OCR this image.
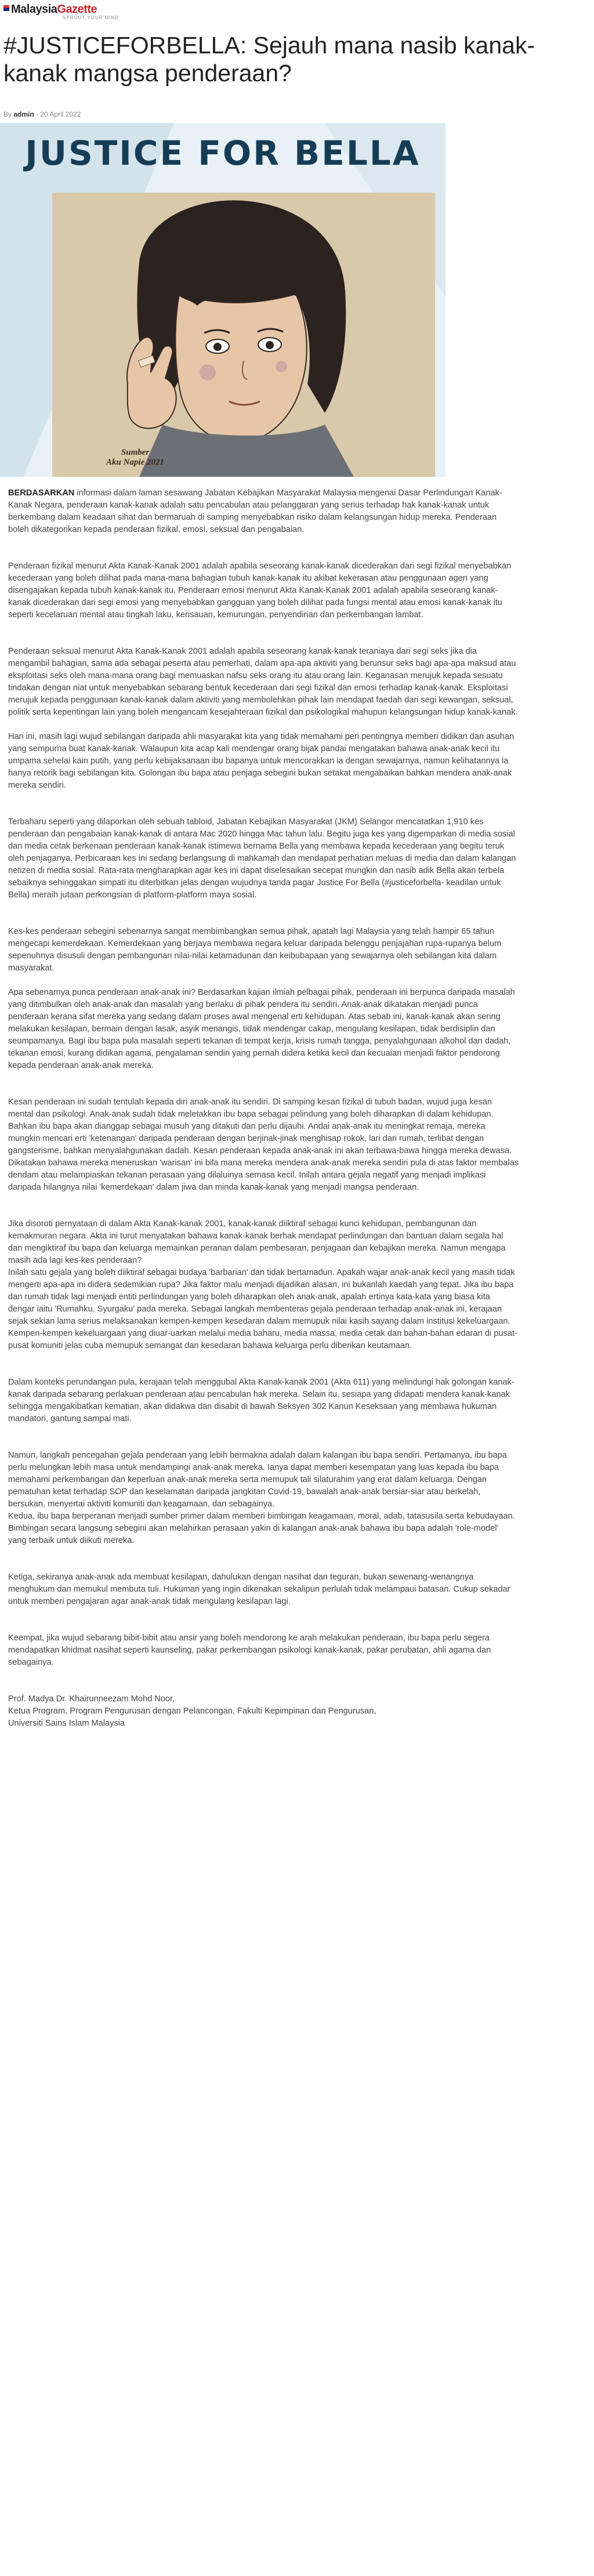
MalaysiaGazette
SPROUT YOUR MIND
#JUSTICEFORBELLA: Sejauh mana nasib kanak-kanak mangsa penderaan?
By admin - 20 April 2022
JUSTICE FOR BELLA
Sumber
Aku Napie 2021

BERDASARKAN informasi dalam laman sesawang Jabatan Kebajikan Masyarakat Malaysia mengenai Dasar Perlindungan Kanak-Kanak Negara, penderaan kanak-kanak adalah satu pencabulan atau pelanggaran yang serius terhadap hak kanak-kanak untuk berkembang dalam keadaan sihat dan bermaruah di samping menyebabkan risiko dalam kelangsungan hidup mereka. Penderaan boleh dikategorikan kepada penderaan fizikal, emosi, seksual dan pengabaian.

Penderaan fizikal menurut Akta Kanak-Kanak 2001 adalah apabila seseorang kanak-kanak dicederakan dari segi fizikal menyebabkan kecederaan yang boleh dilihat pada mana-mana bahagian tubuh kanak-kanak itu akibat kekerasan atau penggunaan agen yang disengajakan kepada tubuh kanak-kanak itu. Penderaan emosi menurut Akta Kanak-Kanak 2001 adalah apabila seseorang kanak-kanak dicederakan dari segi emosi yang menyebabkan gangguan yang boleh dilihat pada fungsi mental atau emosi kanak-kanak itu seperti kecelaruan mental atau tingkah laku, kerisauan, kemurungan, penyendirian dan perkembangan lambat.

Penderaan seksual menurut Akta Kanak-Kanak 2001 adalah apabila seseorang kanak-kanak teraniaya dari segi seks jika dia mengambil bahagian, sama ada sebagai peserta atau pemerhati, dalam apa-apa aktiviti yang berunsur seks bagi apa-apa maksud atau eksploitasi seks oleh mana-mana orang bagi memuaskan nafsu seks orang itu atau orang lain. Keganasan merujuk kepada sesuatu tindakan dengan niat untuk menyebabkan sebarang bentuk kecederaan dari segi fizikal dan emosi terhadap kanak-kanak. Eksploitasi merujuk kepada penggunaan kanak-kanak dalam aktiviti yang membolehkan pihak lain mendapat faedah dari segi kewangan, seksual, politik serta kepentingan lain yang boleh mengancam kesejahteraan fizikal dan psikologikal mahupun kelangsungan hidup kanak-kanak.

Hari ini, masih lagi wujud sebilangan daripada ahli masyarakat kita yang tidak memahami peri pentingnya memberi didikan dan asuhan yang sempurna buat kanak-kanak. Walaupun kita acap kali mendengar orang bijak pandai mengatakan bahawa anak-anak kecil itu umpama sehelai kain putih, yang perlu kebijaksanaan ibu bapanya untuk mencorakkan ia dengan sewajarnya, namun kelihatannya ia hanya retorik bagi sebilangan kita. Golongan ibu bapa atau penjaga sebegini bukan setakat mengabaikan bahkan mendera anak-anak mereka sendiri.

Terbaharu seperti yang dilaporkan oleh sebuah tabloid, Jabatan Kebajikan Masyarakat (JKM) Selangor mencatatkan 1,910 kes penderaan dan pengabaian kanak-kanak di antara Mac 2020 hingga Mac tahun lalu. Begitu juga kes yang digemparkan di media sosial dan media cetak berkenaan penderaan kanak-kanak istimewa bernama Bella yang membawa kepada kecederaan yang begitu teruk oleh penjaganya. Perbicaraan kes ini sedang berlangsung di mahkamah dan mendapat perhatian meluas di media dan dalam kalangan netizen di media sosial. Rata-rata mengharapkan agar kes ini dapat diselesaikan secepat mungkin dan nasib adik Bella akan terbela sebaiknya sehinggakan simpati itu diterbitkan jelas dengan wujudnya tanda pagar Justice For Bella (#justiceforbella- keadilan untuk Bella) meraih jutaan perkongsian di platform-platform maya sosial.

Kes-kes penderaan sebegini sebenarnya sangat membimbangkan semua pihak, apatah lagi Malaysia yang telah hampir 65 tahun mengecapi kemerdekaan. Kemerdekaan yang berjaya membawa negara keluar daripada belenggu penjajahan rupa-rupanya belum sepenuhnya disusuli dengan pembangunan nilai-nilai ketamadunan dan keibubapaan yang sewajarnya oleh sebilangan kita dalam masyarakat.

Apa sebenarnya punca penderaan anak-anak ini? Berdasarkan kajian ilmiah pelbagai pihak, penderaan ini berpunca daripada masalah yang ditimbulkan oleh anak-anak dan masalah yang berlaku di pihak pendera itu sendiri. Anak-anak dikatakan menjadi punca penderaan kerana sifat mereka yang sedang dalam proses awal mengenal erti kehidupan. Atas sebab ini, kanak-kanak akan sering melakukan kesilapan, bermain dengan lasak, asyik menangis, tidak mendengar cakap, mengulang kesilapan, tidak berdisiplin dan seumpamanya. Bagi ibu bapa pula masalah seperti tekanan di tempat kerja, krisis rumah tangga, penyalahgunaan alkohol dan dadah, tekanan emosi, kurang didikan agama, pengalaman sendiri yang pernah didera ketika kecil dan kecuaian menjadi faktor pendorong kepada penderaan anak-anak mereka.

Kesan penderaan ini sudah tentulah kepada diri anak-anak itu sendiri. Di samping kesan fizikal di tubuh badan, wujud juga kesan mental dan psikologi. Anak-anak sudah tidak meletakkan ibu bapa sebagai pelindung yang boleh diharapkan di dalam kehidupan. Bahkan ibu bapa akan dianggap sebagai musuh yang ditakuti dan perlu dijauhi. Andai anak-anak itu meningkat remaja, mereka mungkin mencari erti 'ketenangan' daripada penderaan dengan berjinak-jinak menghisap rokok, lari dari rumah, terlibat dengan gangsterisme, bahkan menyalahgunakan dadah. Kesan penderaan kepada anak-anak ini akan terbawa-bawa hingga mereka dewasa. Dikatakan bahawa mereka meneruskan 'warisan' ini bila mana mereka menderа anak-anak mereka sendiri pula di atas faktor membalas dendam atau melampiaskan tekanan perasaan yang dilaluinya semasa kecil. Inilah antara gejala negatif yang menjadi implikasi daripada hilangnya nilai 'kemerdekaan' dalam jiwa dan minda kanak-kanak yang menjadi mangsa penderaan.

Jika disoroti pernyataan di dalam Akta Kanak-kanak 2001, kanak-kanak diiktiraf sebagai kunci kehidupan, pembangunan dan kemakmuran negara. Akta ini turut menyatakan bahawa kanak-kanak berhak mendapat perlindungan dan bantuan dalam segala hal dan mengiktiraf ibu bapa dan keluarga memainkan peranan dalam pembesaran, penjagaan dan kebajikan mereka. Namun mengapa masih ada lagi kes-kes penderaan?

Inilah satu gejala yang boleh diiktiraf sebagai budaya 'barbarian' dan tidak bertamadun. Apakah wajar anak-anak kecil yang masih tidak mengerti apa-apa ini didera sedemikian rupa? Jika faktor malu menjadi dijadikan alasan, ini bukanlah kaedah yang tepat. Jika ibu bapa dan rumah tidak lagi menjadi entiti perlindungan yang boleh diharapkan oleh anak-anak, apalah ertinya kata-kata yang biasa kita dengar iaitu 'Rumahku, Syurgaku' pada mereka. Sebagai langkah membenteras gejala penderaan terhadap anak-anak ini, kerajaan sejak sekian lama serius melaksanakan kempen-kempen kesedaran dalam memupuk nilai kasih sayang dalam institusi kekeluargaan. Kempen-kempen kekeluargaan yang diuar-uarkan melalui media baharu, media massa, media cetak dan bahan-bahan edaran di pusat-pusat komuniti jelas cuba memupuk semangat dan kesedaran bahawa keluarga perlu diberikan keutamaan.

Dalam konteks perundangan pula, kerajaan telah menggubal Akta Kanak-kanak 2001 (Akta 611) yang melindungi hak golongan kanak-kanak daripada sebarang perlakuan penderaan atau pencabulan hak mereka. Selain itu, sesiapa yang didapati mendera kanak-kanak sehingga mengakibatkan kematian, akan didakwa dan disabit di bawah Seksyen 302 Kanun Keseksaan yang membawa hukuman mandatori, gantung sampai mati.

Namun, langkah pencegahan gejala penderaan yang lebih bermakna adalah dalam kalangan ibu bapa sendiri. Pertamanya, ibu bapa perlu melungkan lebih masa untuk mendampingi anak-anak mereka. Ianya dapat memberi kesempatan yang luas kepada ibu bapa memahami perkembangan dan keperluan anak-anak mereka serta memupuk tali silaturahim yang erat dalam keluarga. Dengan pematuhan ketat terhadap SOP dan keselamatan daripada jangkitan Covid-19, bawalah anak-anak bersiar-siar atau berkelah, bersukan, menyertai aktiviti komuniti dan keagamaan, dan sebagainya.

Kedua, ibu bapa berperanan menjadi sumber primer dalam memberi bimbingan keagamaan, moral, adab, tatasusila serta kebudayaan. Bimbingan secara langsung sebegini akan melahirkan perasaan yakin di kalangan anak-anak bahawa ibu bapa adalah 'role-model' yang terbaik untuk diikuti mereka.

Ketiga, sekiranya anak-anak ada membuat kesilapan, dahulukan dengan nasihat dan teguran, bukan sewenang-wenangnya menghukum dan memukul membuta tuli. Hukuman yang ingin dikenakan sekalipun perlulah tidak melampaui batasan. Cukup sekadar untuk memberi pengajaran agar anak-anak tidak mengulang kesilapan lagi.

Keempat, jika wujud sebarang bibit-bibit atau ansir yang boleh mendorong ke arah melakukan penderaan, ibu bapa perlu segera mendapatkan khidmat nasihat seperti kaunseling, pakar perkembangan psikologi kanak-kanak, pakar perubatan, ahli agama dan sebagainya.

Prof. Madya Dr. Khairunneezam Mohd Noor,

Ketua Program, Program Pengurusan dengan Pelancongan, Fakulti Kepimpinan dan Pengurusan,

Universiti Sains Islam Malaysia
